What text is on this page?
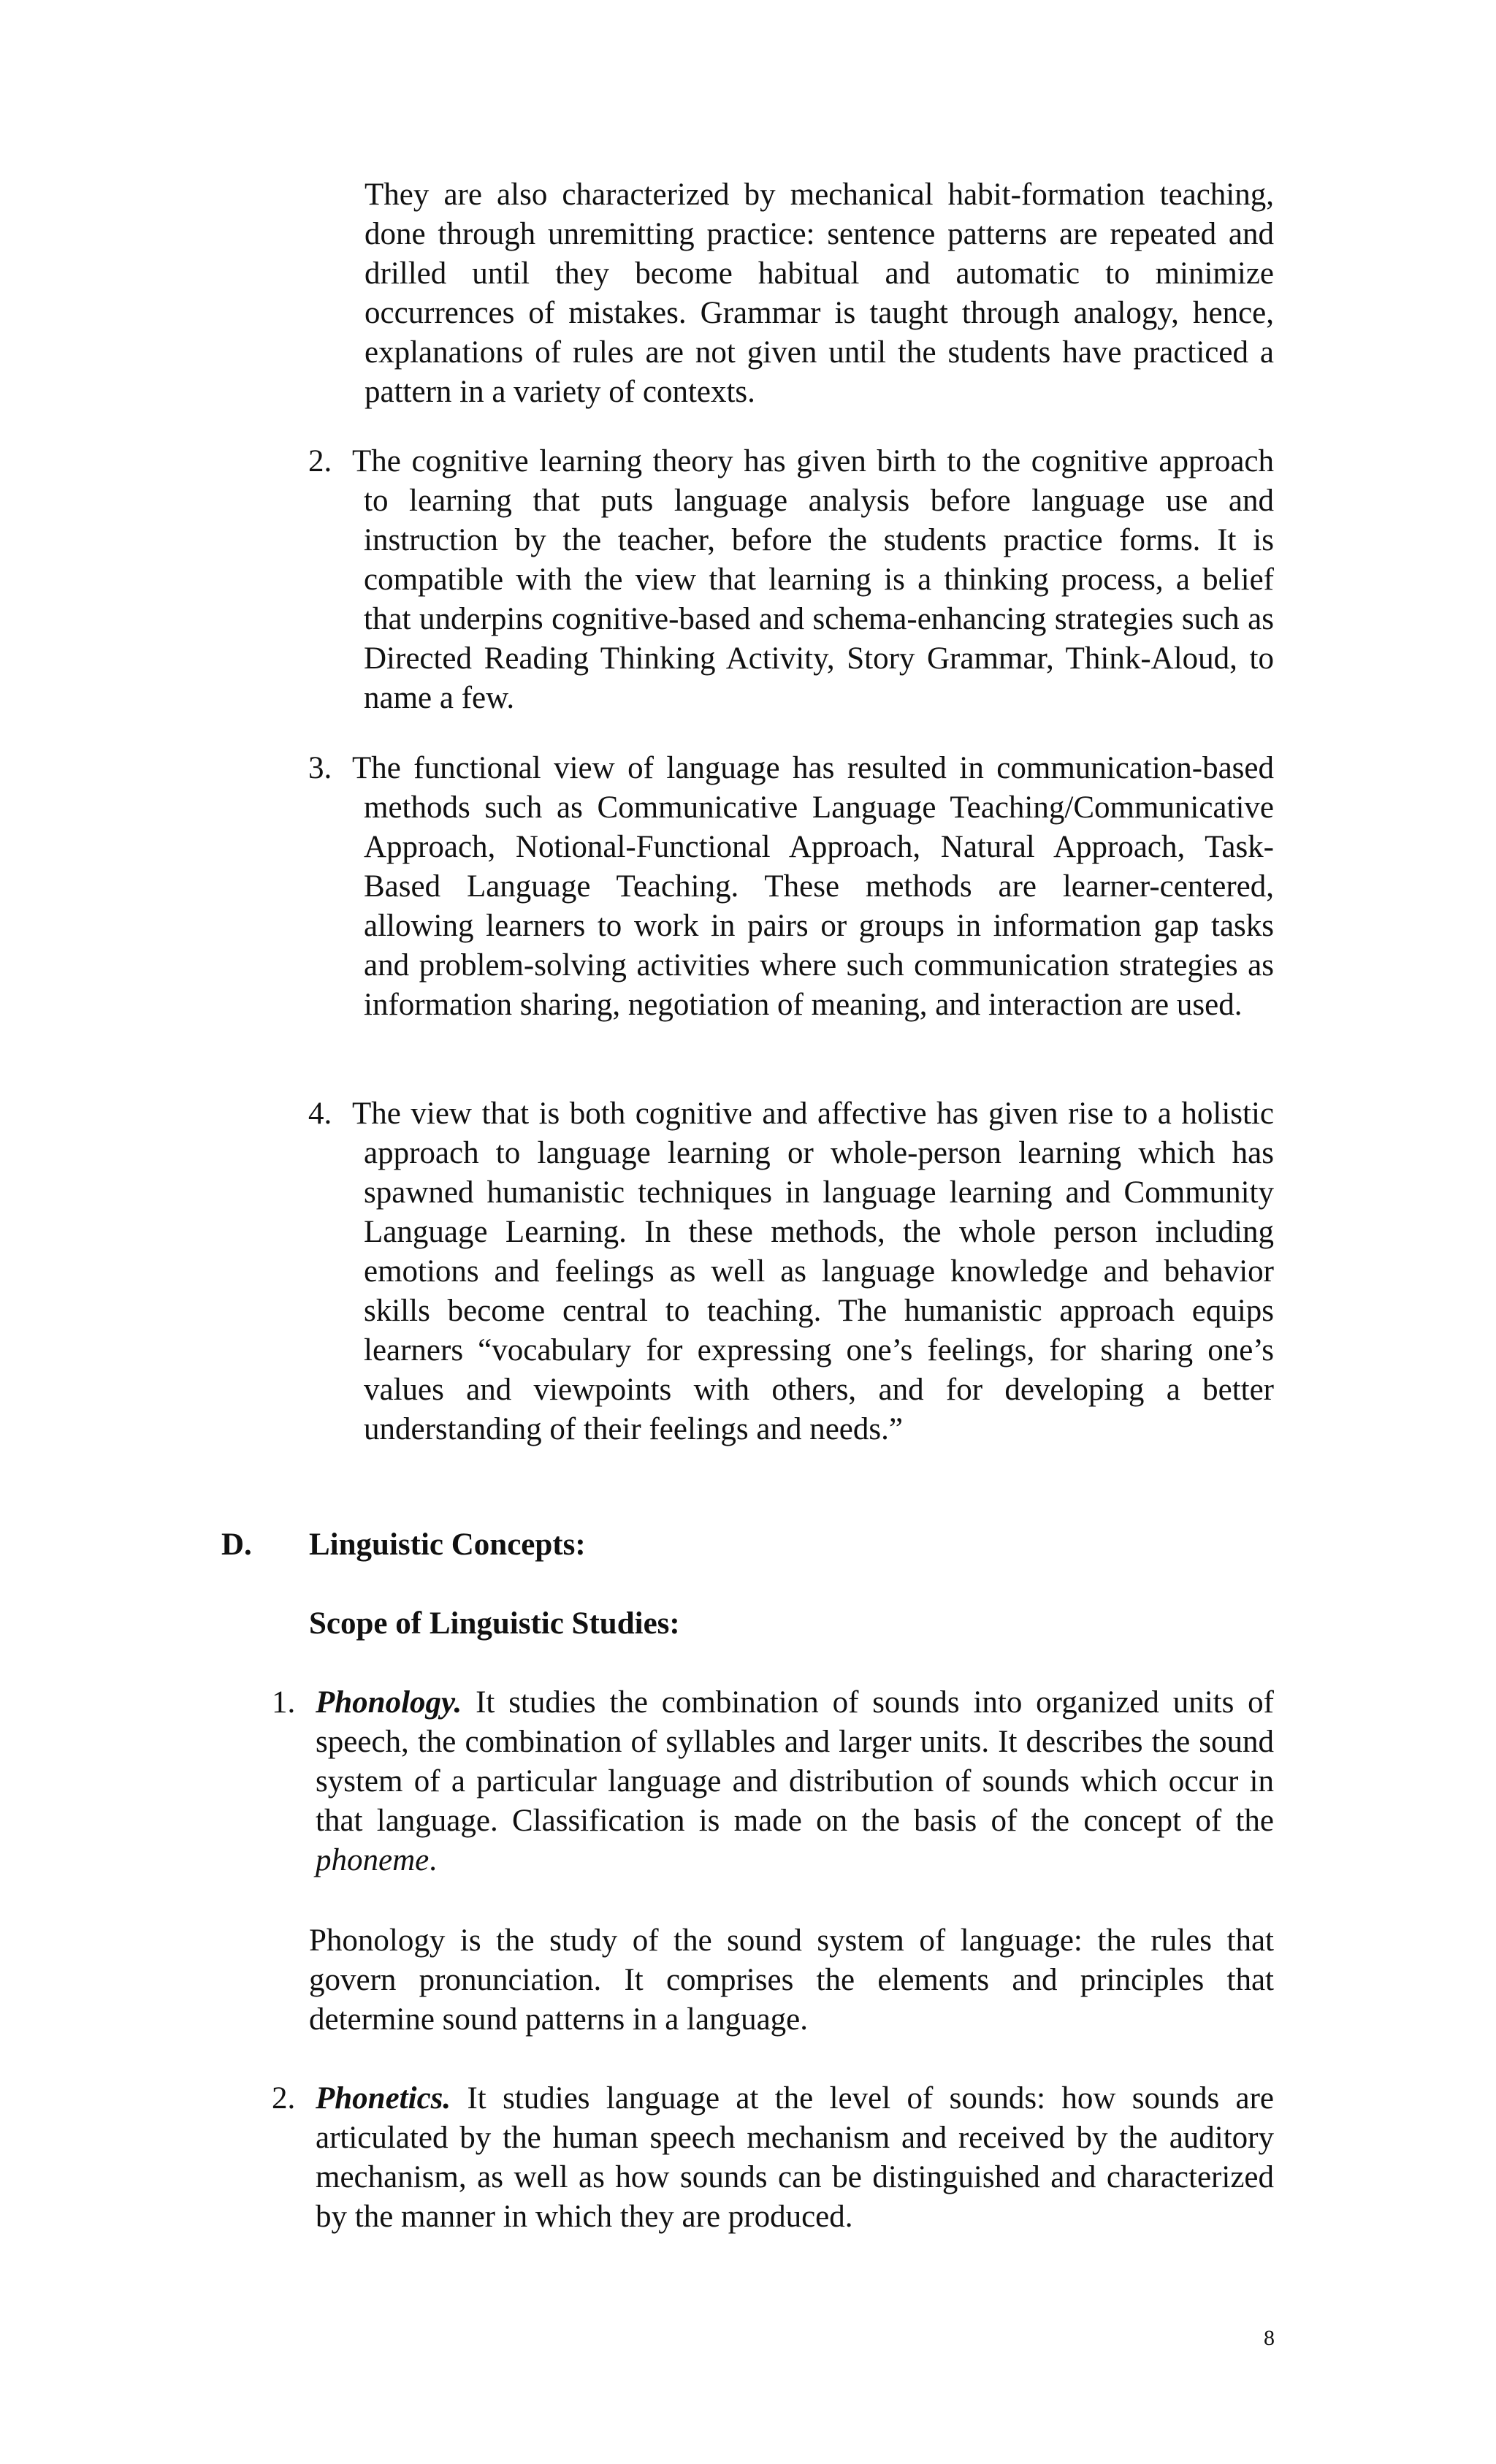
They are also characterized by mechanical habit-formation teaching, done through unremitting practice: sentence patterns are repeated and drilled until they become habitual and automatic to minimize occurrences of mistakes. Grammar is taught through analogy, hence, explanations of rules are not given until the students have practiced a pattern in a variety of contexts.
2. The cognitive learning theory has given birth to the cognitive approach to learning that puts language analysis before language use and instruction by the teacher, before the students practice forms. It is compatible with the view that learning is a thinking process, a belief that underpins cognitive-based and schema-enhancing strategies such as Directed Reading Thinking Activity, Story Grammar, Think-Aloud, to name a few.
3. The functional view of language has resulted in communication-based methods such as Communicative Language Teaching/Communicative Approach, Notional-Functional Approach, Natural Approach, Task-Based Language Teaching. These methods are learner-centered, allowing learners to work in pairs or groups in information gap tasks and problem-solving activities where such communication strategies as information sharing, negotiation of meaning, and interaction are used.
4. The view that is both cognitive and affective has given rise to a holistic approach to language learning or whole-person learning which has spawned humanistic techniques in language learning and Community Language Learning. In these methods, the whole person including emotions and feelings as well as language knowledge and behavior skills become central to teaching. The humanistic approach equips learners “vocabulary for expressing one’s feelings, for sharing one’s values and viewpoints with others, and for developing a better understanding of their feelings and needs.”
D. Linguistic Concepts:
Scope of Linguistic Studies:
1. Phonology. It studies the combination of sounds into organized units of speech, the combination of syllables and larger units. It describes the sound system of a particular language and distribution of sounds which occur in that language. Classification is made on the basis of the concept of the phoneme.
Phonology is the study of the sound system of language: the rules that govern pronunciation. It comprises the elements and principles that determine sound patterns in a language.
2. Phonetics. It studies language at the level of sounds: how sounds are articulated by the human speech mechanism and received by the auditory mechanism, as well as how sounds can be distinguished and characterized by the manner in which they are produced.
8
